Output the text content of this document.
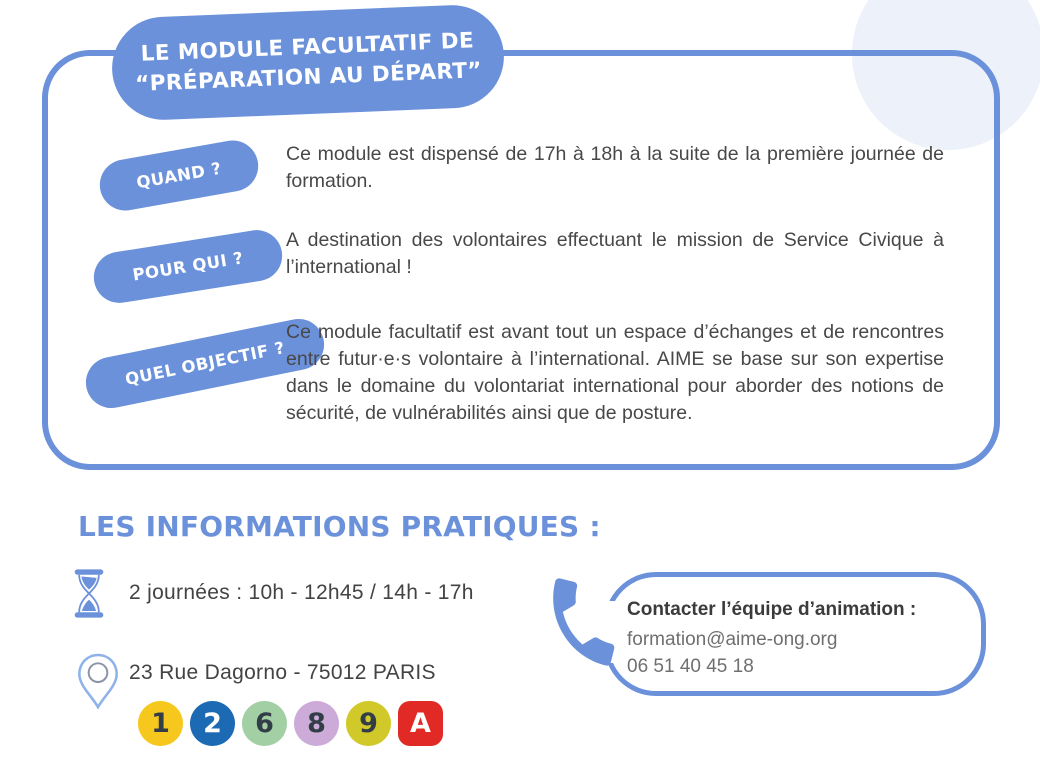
LE MODULE FACULTATIF DE
“PRÉPARATION AU DÉPART”
QUAND ?

Ce module est dispensé de 17h à 18h à la suite de la première journée de formation.

POUR QUI ?

A destination des volontaires effectuant le mission de Service Civique à l’international !

QUEL OBJECTIF ?

Ce module facultatif est avant tout un espace d’échanges et de rencontres entre futur·e·s volontaire à l’international. AIME se base sur son expertise dans le domaine du volontariat international pour aborder des notions de sécurité, de vulnérabilités ainsi que de posture.

LES INFORMATIONS PRATIQUES :
2 journées : 10h - 12h45 / 14h - 17h
Contacter l’équipe d’animation :
formation@aime-ong.org
06 51 40 45 18
23 Rue Dagorno - 75012 PARIS
1	2	6	8	9	A
